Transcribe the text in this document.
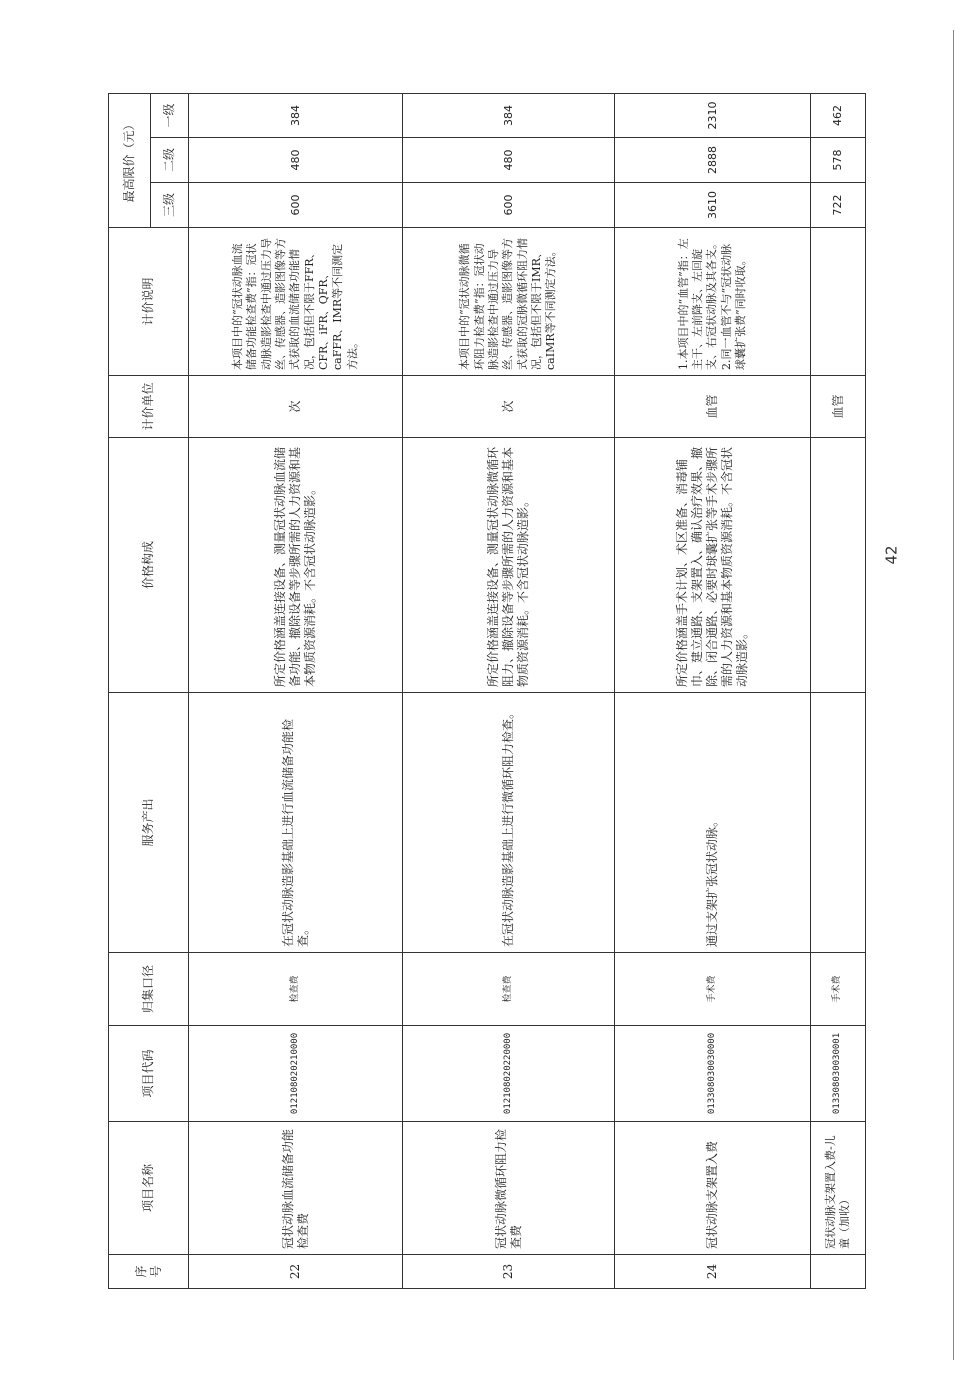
序号	项目名称	项目代码	归集口径	服务产出	价格构成	计价单位	计价说明	最高限价（元）		
								三级	二级	一级
22	冠状动脉血流储备功能检查费	012108020210000	检查费	在冠状动脉造影基础上进行血流储备功能检查。	所定价格涵盖连接设备、测量冠状动脉血流储备功能、撤除设备等步骤所需的人力资源和基本物质资源消耗。不含冠状动脉造影。	次	本项目中的“冠状动脉血流储备功能检查费”指：冠状动脉造影检查中通过压力导丝、传感器、造影图像等方式获取的血流储备功能情况，包括但不限于FFR、CFR、iFR、QFR、caFFR、IMR等不同测定方法。	600	480	384
23	冠状动脉微循环阻力检查费	012108020220000	检查费	在冠状动脉造影基础上进行微循环阻力检查。	所定价格涵盖连接设备、测量冠状动脉微循环阻力、撤除设备等步骤所需的人力资源和基本物质资源消耗。不含冠状动脉造影。	次	本项目中的“冠状动脉微循环阻力检查费”指：冠状动脉造影检查中通过压力导丝、传感器、造影图像等方式获取的冠脉微循环阻力情况，包括但不限于IMR、caIMR等不同测定方法。	600	480	384
24	冠状动脉支架置入费	013308030030000	手术费	通过支架扩张冠状动脉。	所定价格涵盖手术计划、术区准备、消毒铺巾、建立通路、支架置入、确认治疗效果、撤除、闭合通路、必要时球囊扩张等手术步骤所需的人力资源和基本物质资源消耗。不含冠状动脉造影。	血管	1.本项目中的“血管”指：左主干、左前降支、左回旋支、右冠状动脉及其各支。2.同一血管不与“冠状动脉球囊扩张费”同时收取。	3610	2888	2310
	冠状动脉支架置入费-儿童（加收）	013308030030001	手术费			血管		722	578	462
42
